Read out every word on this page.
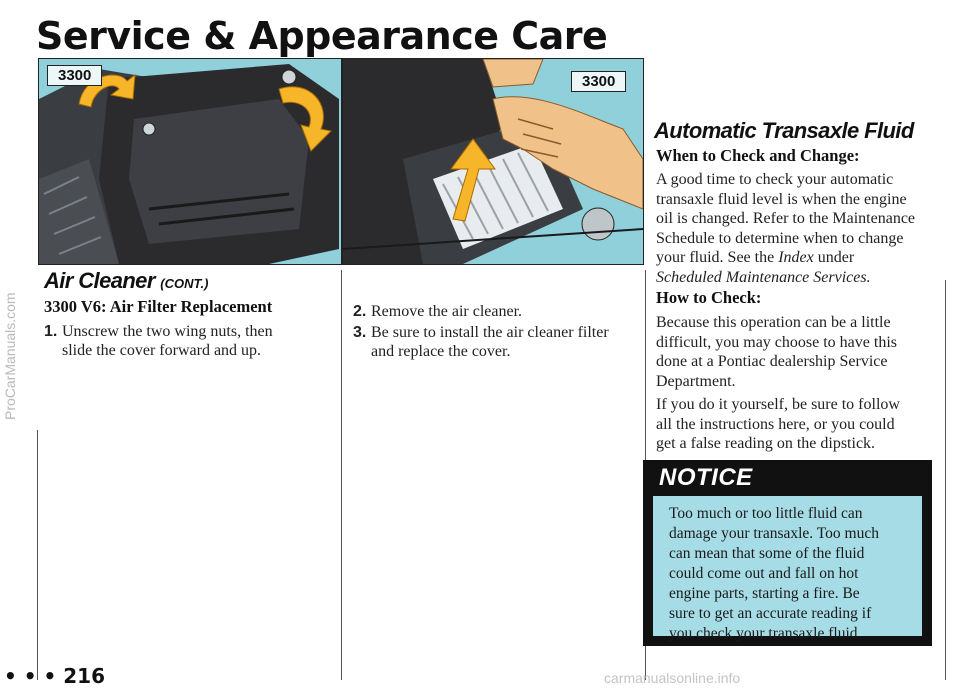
Service & Appearance Care
ProCarManuals.com
3300	3300
Air Cleaner (CONT.)
3300 V6: Air Filter Replacement
1. Unscrew the two wing nuts, then
slide the cover forward and up.
2. Remove the air cleaner.
3. Be sure to install the air cleaner filter
and replace the cover.
Automatic Transaxle Fluid
When to Check and Change:
A good time to check your automatic
transaxle fluid level is when the engine
oil is changed. Refer to the Maintenance
Schedule to determine when to change
your fluid. See the Index under
Scheduled Maintenance Services.
How to Check:
Because this operation can be a little
difficult, you may choose to have this
done at a Pontiac dealership Service
Department.
If you do it yourself, be sure to follow
all the instructions here, or you could
get a false reading on the dipstick.
NOTICE
Too much or too little fluid can
damage your transaxle. Too much
can mean that some of the fluid
could come out and fall on hot
engine parts, starting a fire. Be
sure to get an accurate reading if
you check your transaxle fluid.
• • • 216	carmanualsonline.info
